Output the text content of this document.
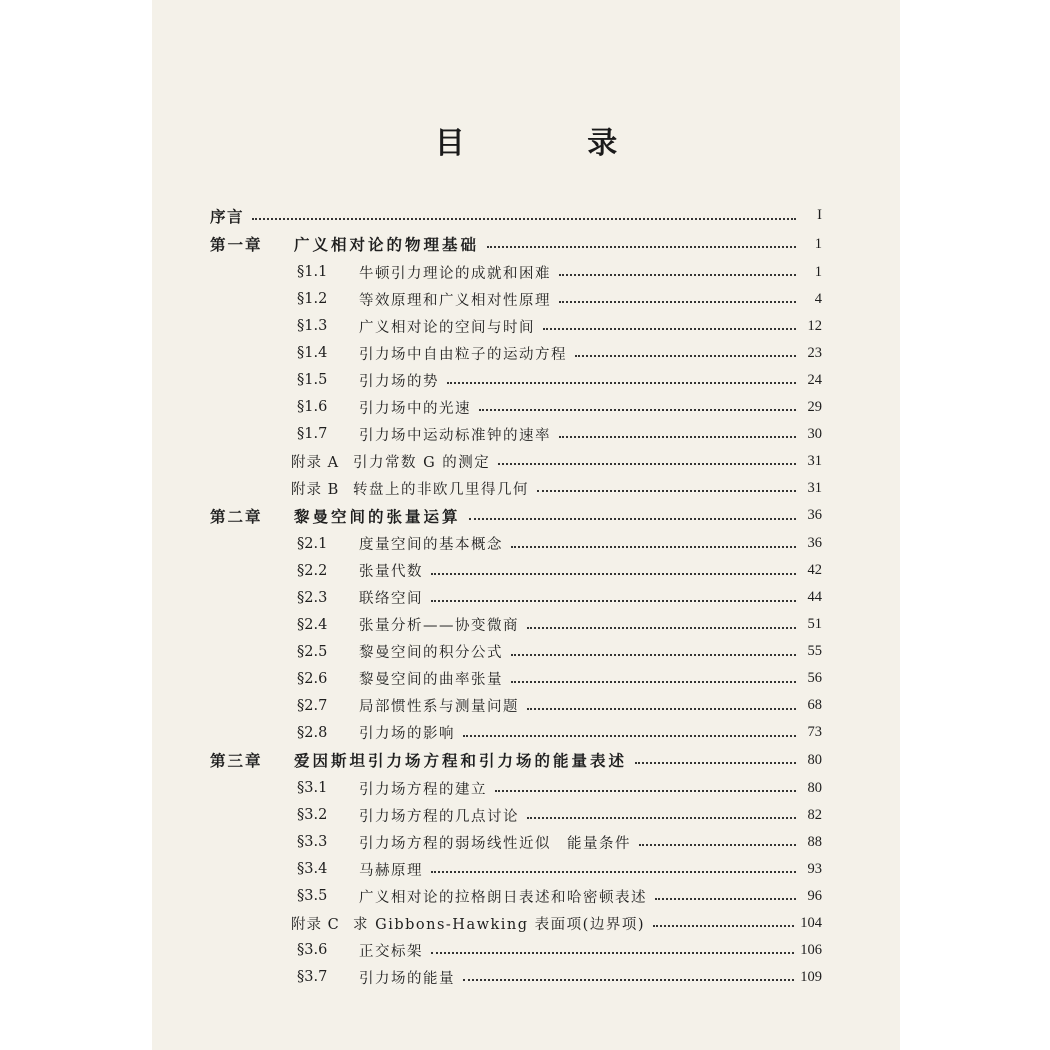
目 录
序言	I
第一章	广义相对论的物理基础	1
§1.1	牛顿引力理论的成就和困难	1
§1.2	等效原理和广义相对性原理	4
§1.3	广义相对论的空间与时间	12
§1.4	引力场中自由粒子的运动方程	23
§1.5	引力场的势	24
§1.6	引力场中的光速	29
§1.7	引力场中运动标准钟的速率	30
附录 A 引力常数 G 的测定	31
附录 B 转盘上的非欧几里得几何	31
第二章	黎曼空间的张量运算	36
§2.1	度量空间的基本概念	36
§2.2	张量代数	42
§2.3	联络空间	44
§2.4	张量分析——协变微商	51
§2.5	黎曼空间的积分公式	55
§2.6	黎曼空间的曲率张量	56
§2.7	局部惯性系与测量问题	68
§2.8	引力场的影响	73
第三章	爱因斯坦引力场方程和引力场的能量表述	80
§3.1	引力场方程的建立	80
§3.2	引力场方程的几点讨论	82
§3.3	引力场方程的弱场线性近似　能量条件	88
§3.4	马赫原理	93
§3.5	广义相对论的拉格朗日表述和哈密顿表述	96
附录 C 求 Gibbons-Hawking 表面项(边界项)	104
§3.6	正交标架	106
§3.7	引力场的能量	109
